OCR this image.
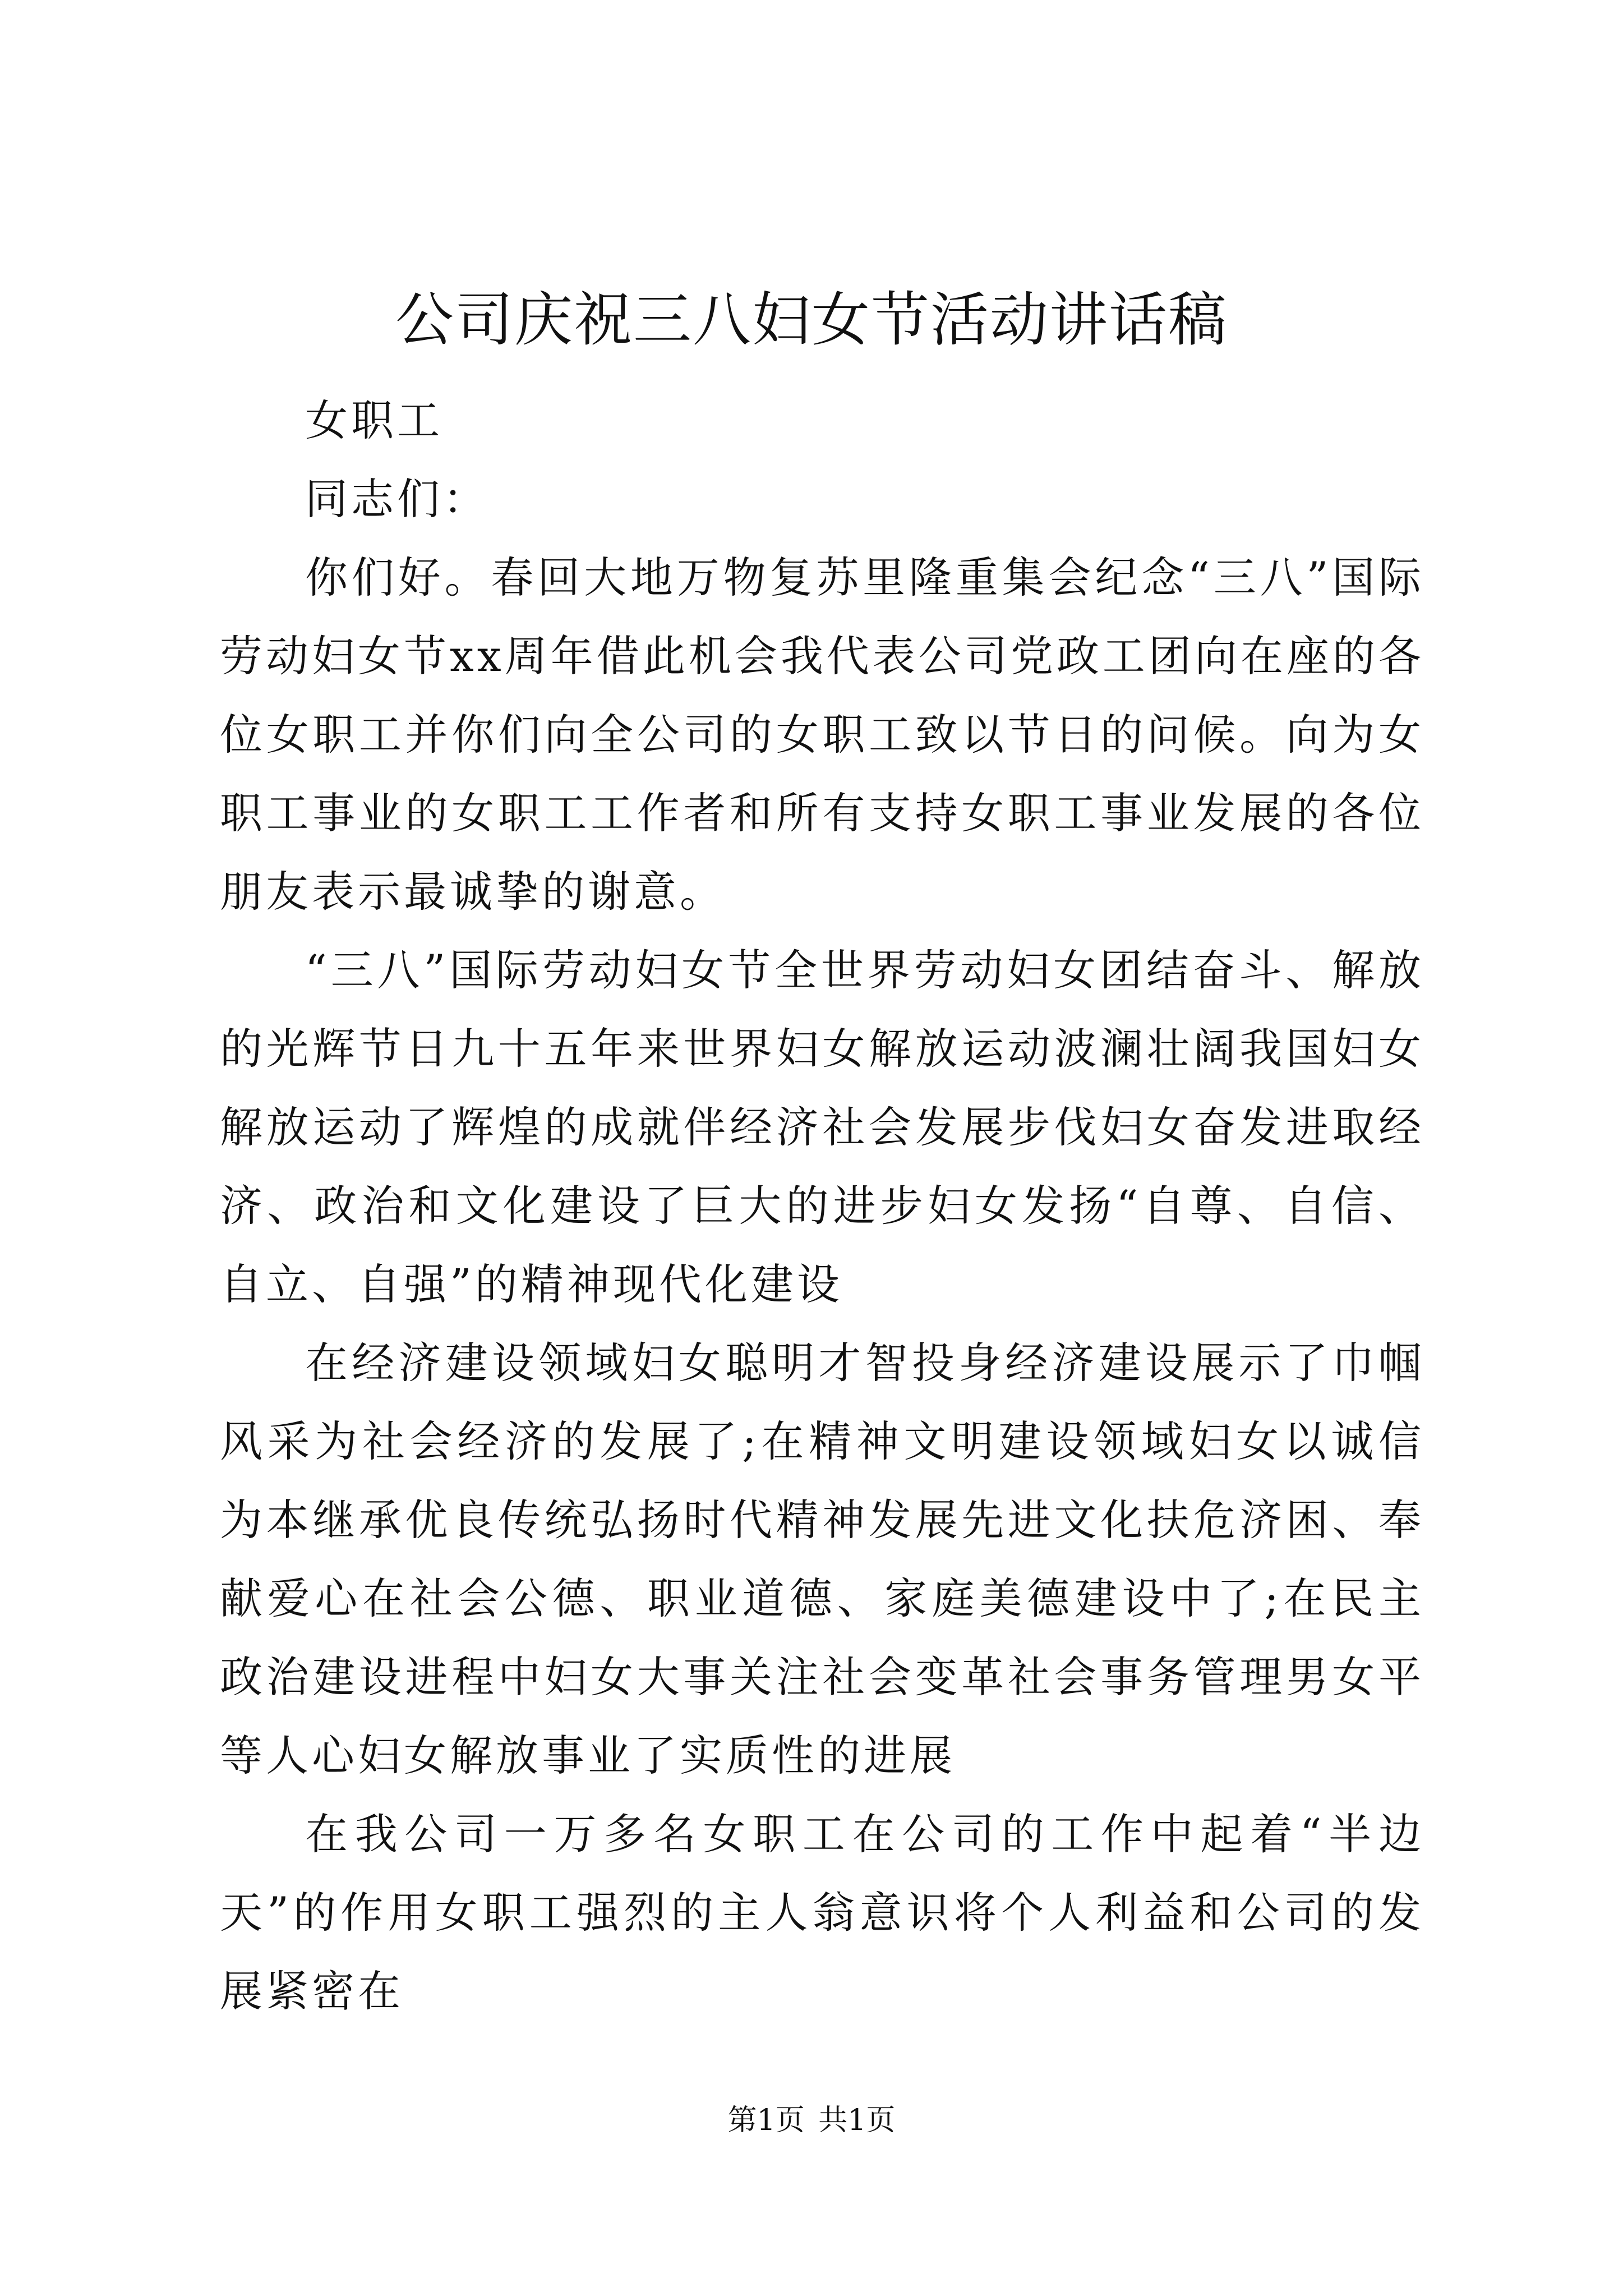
公司庆祝三八妇女节活动讲话稿

女职工

同志们：

你们好。春回大地万物复苏里隆重集会纪念“三八”国际劳动妇女节xx周年借此机会我代表公司党政工团向在座的各位女职工并你们向全公司的女职工致以节日的问候。向为女职工事业的女职工工作者和所有支持女职工事业发展的各位朋友表示最诚挚的谢意。

“三八”国际劳动妇女节全世界劳动妇女团结奋斗、解放的光辉节日九十五年来世界妇女解放运动波澜壮阔我国妇女解放运动了辉煌的成就伴经济社会发展步伐妇女奋发进取经济、政治和文化建设了巨大的进步妇女发扬“自尊、自信、自立、自强”的精神现代化建设

在经济建设领域妇女聪明才智投身经济建设展示了巾帼风采为社会经济的发展了;在精神文明建设领域妇女以诚信为本继承优良传统弘扬时代精神发展先进文化扶危济困、奉献爱心在社会公德、职业道德、家庭美德建设中了;在民主政治建设进程中妇女大事关注社会变革社会事务管理男女平等人心妇女解放事业了实质性的进展

在我公司一万多名女职工在公司的工作中起着“半边天”的作用女职工强烈的主人翁意识将个人利益和公司的发展紧密在

第1页 共1页
